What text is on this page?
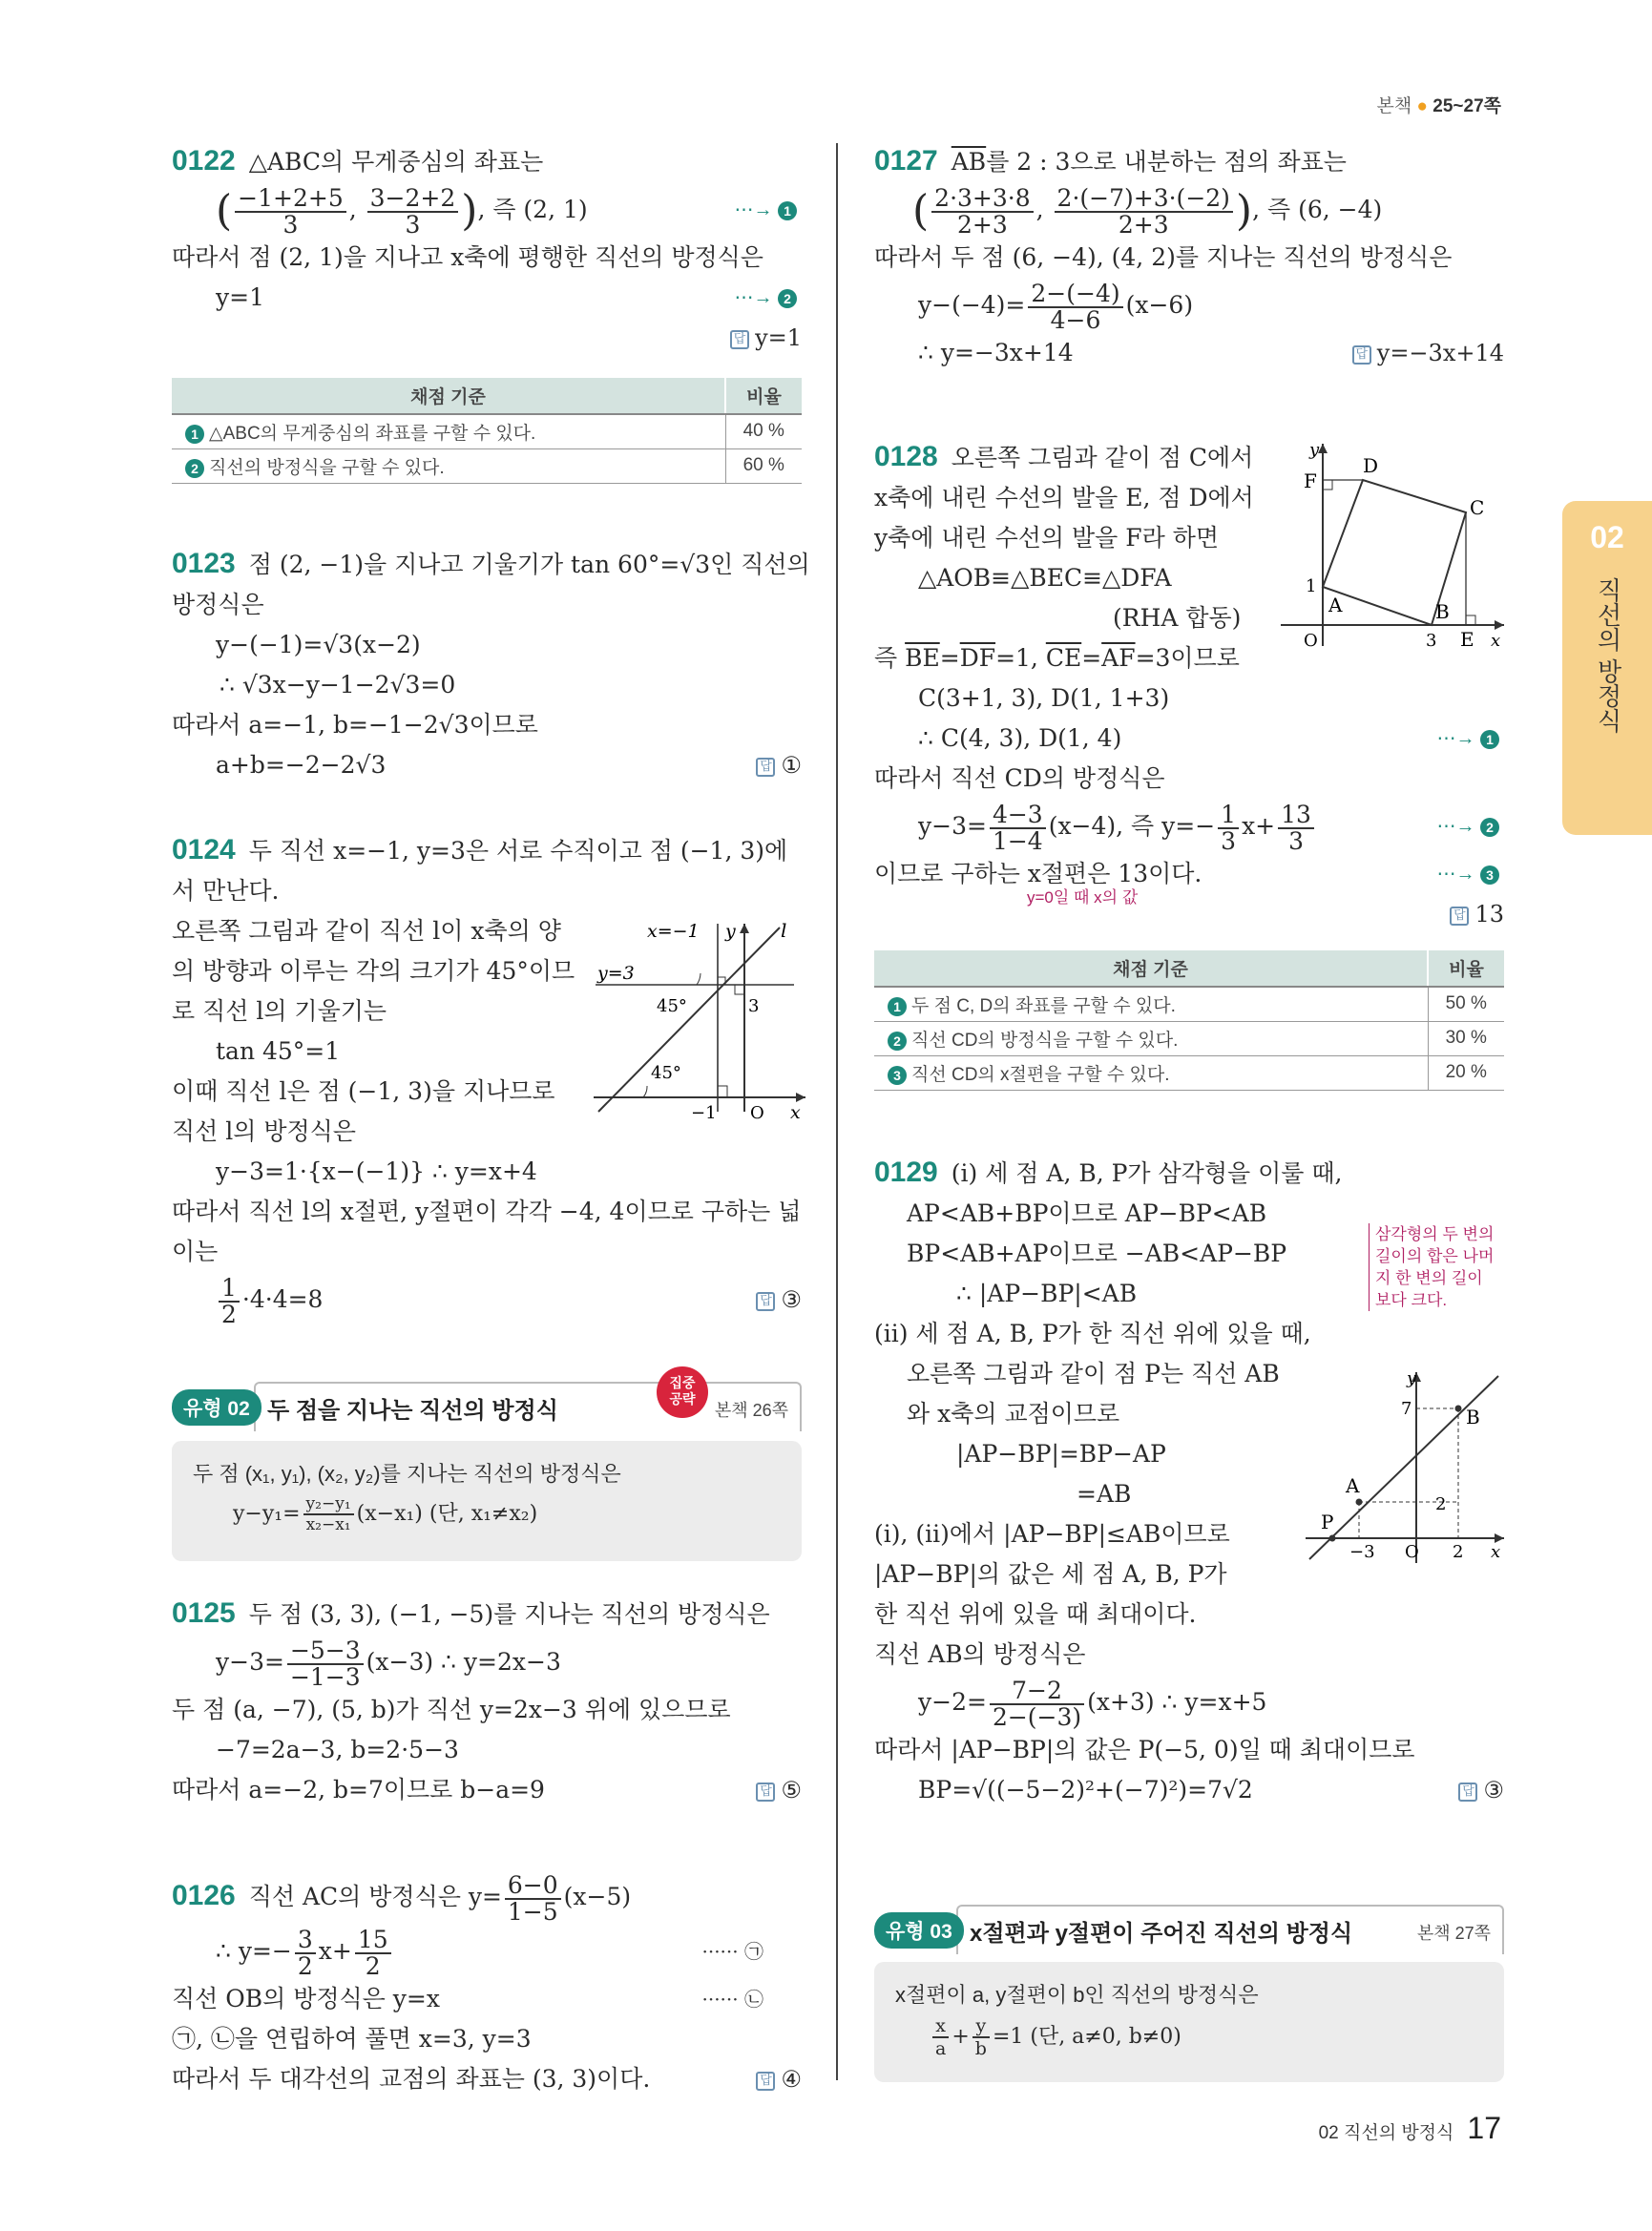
본책 ● 25~27쪽
02
직선의 방정식
0122 △ABC의 무게중심의 좌표는
( $\frac{-1+2+5}{3}$ , $\frac{3-2+2}{3}$ ), 즉 (2, 1)	⋯→ 1
따라서 점 (2, 1)을 지나고 x축에 평행한 직선의 방정식은
y=1	⋯→ 2
답 y=1
채점 기준	비율
1 △ABC의 무게중심의 좌표를 구할 수 있다.	40 %
2 직선의 방정식을 구할 수 있다.	60 %
0123 점 (2, −1)을 지나고 기울기가 tan 60°=√3인 직선의
방정식은
y−(−1)=√3(x−2)
∴ √3x−y−1−2√3=0
따라서 a=−1, b=−1−2√3이므로
a+b=−2−2√3	답 ①
0124 두 직선 x=−1, y=3은 서로 수직이고 점 (−1, 3)에
서 만난다.
오른쪽 그림과 같이 직선 l이 x축의 양
의 방향과 이루는 각의 크기가 45°이므
로 직선 l의 기울기는
tan 45°=1
이때 직선 l은 점 (−1, 3)을 지나므로
직선 l의 방정식은
y−3=1·{x−(−1)} ∴ y=x+4
따라서 직선 l의 x절편, y절편이 각각 −4, 4이므로 구하는 넓
이는
$\frac{1}{2} \cdot 4\cdot 4=8$	답 ③
x=−1 y l
y=3
45°	3
45°
−1 O x
유형 02 두 점을 지나는 직선의 방정식
집중
공략
본책 26쪽
두 점 (x₁, y₁), (x₂, y₂)를 지나는 직선의 방정식은
$y-y_1= \frac{\text{y₂−y₁}}{\text{x₂−x₁}} (x-x_1)$ (단, x₁≠x₂)
0125 두 점 (3, 3), (−1, −5)를 지나는 직선의 방정식은
$y-3= \frac{-5-3}{-1-3} (x-3)$ ∴ y=2x−3
두 점 (a, −7), (5, b)가 직선 y=2x−3 위에 있으므로
−7=2a−3, b=2·5−3
따라서 a=−2, b=7이므로 b−a=9	답 ⑤
0126 직선 AC의 방정식은 $y= \frac{6-0}{1-5} (x-5)$
∴ $y=- \frac{3}{2} x+ \frac{15}{2}$	······ ㉠
직선 OB의 방정식은 y=x	······ ㉡
㉠, ㉡을 연립하여 풀면 x=3, y=3
따라서 두 대각선의 교점의 좌표는 (3, 3)이다.	답 ④
0127 $\overline{AB}$를 2 : 3으로 내분하는 점의 좌표는
( $\frac{2\cdot 3+3\cdot 8}{2+3}$ , $\frac{2\cdot(-7)+3\cdot(-2)}{2+3}$ ), 즉 (6, −4)
따라서 두 점 (6, −4), (4, 2)를 지나는 직선의 방정식은
$y-(-4)= \frac{2-(-4)}{4-6} (x-6)$
∴ y=−3x+14	답 y=−3x+14
0128 오른쪽 그림과 같이 점 C에서
x축에 내린 수선의 발을 E, 점 D에서
y축에 내린 수선의 발을 F라 하면
△AOB≡△BEC≡△DFA
(RHA 합동)
즉 $\overline{BE}=\overline{DF}=1$, $\overline{CE}=\overline{AF}=3$이므로
C(3+1, 3), D(1, 1+3)
∴ C(4, 3), D(1, 4)	⋯→ 1
따라서 직선 CD의 방정식은
$y-3= \frac{4-3}{1-4} (x-4)$, 즉 $y=- \frac{1}{3} x+ \frac{13}{3}$	⋯→ 2
이므로 구하는 x절편은 13이다.	⋯→ 3
y=0일 때 x의 값
답 13
y
D
F
C
1
A	B
O	3 E x
채점 기준	비율
1 두 점 C, D의 좌표를 구할 수 있다.	50 %
2 직선 CD의 방정식을 구할 수 있다.	30 %
3 직선 CD의 x절편을 구할 수 있다.	20 %
0129 (i) 세 점 A, B, P가 삼각형을 이룰 때,
AP<AB+BP이므로 AP−BP<AB
BP<AB+AP이므로 −AB<AP−BP
∴ |AP−BP|<AB
(ii) 세 점 A, B, P가 한 직선 위에 있을 때,
오른쪽 그림과 같이 점 P는 직선 AB
와 x축의 교점이므로
|AP−BP|=BP−AP
=AB
(i), (ii)에서 |AP−BP|≤AB이므로
|AP−BP|의 값은 세 점 A, B, P가
한 직선 위에 있을 때 최대이다.
직선 AB의 방정식은
$y-2= \frac{7-2}{2-(-3)} (x+3)$ ∴ y=x+5
따라서 |AP−BP|의 값은 P(−5, 0)일 때 최대이므로
BP=√((−5−2)²+(−7)²)=7√2	답 ③
삼각형의 두 변의
길이의 합은 나머
지 한 변의 길이
보다 크다.
y
7	B
A
2
P
−3 O 2 x
유형 03 x절편과 y절편이 주어진 직선의 방정식	본책 27쪽
x절편이 a, y절편이 b인 직선의 방정식은
$\frac{x}{a} + \frac{y}{b} =1$ (단, a≠0, b≠0)
02 직선의 방정식 17
